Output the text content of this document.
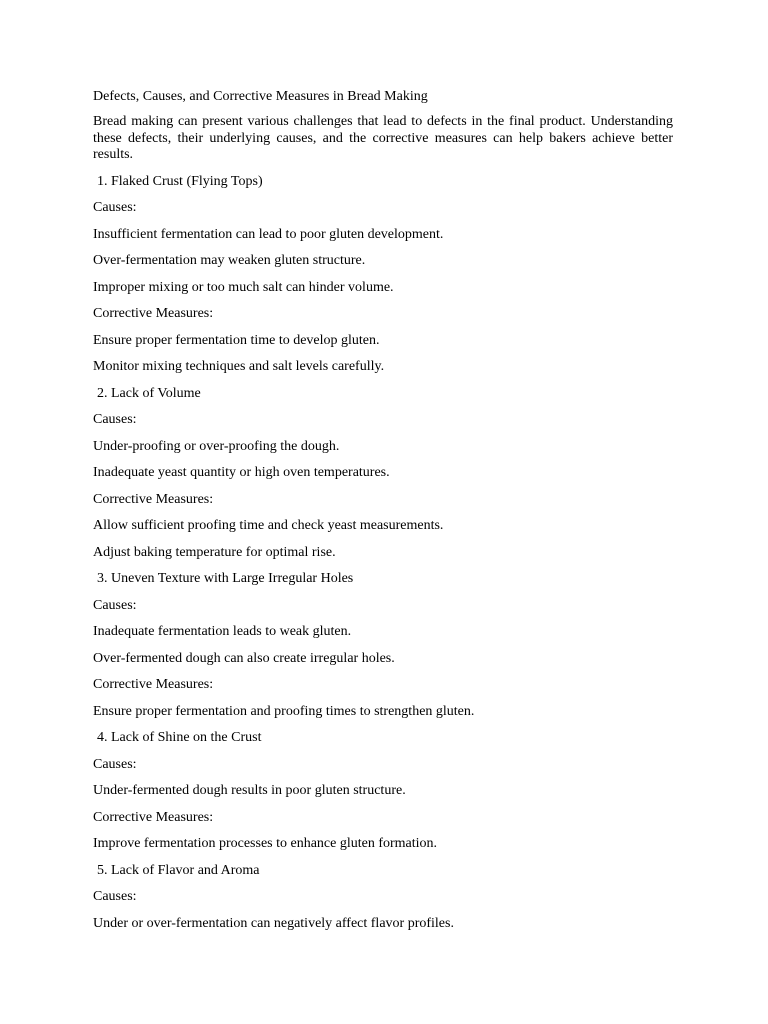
Defects, Causes, and Corrective Measures in Bread Making
Bread making can present various challenges that lead to defects in the final product. Understanding these defects, their underlying causes, and the corrective measures can help bakers achieve better results.
1. Flaked Crust (Flying Tops)
Causes:
Insufficient fermentation can lead to poor gluten development.
Over-fermentation may weaken gluten structure.
Improper mixing or too much salt can hinder volume.
Corrective Measures:
Ensure proper fermentation time to develop gluten.
Monitor mixing techniques and salt levels carefully.
2. Lack of Volume
Causes:
Under-proofing or over-proofing the dough.
Inadequate yeast quantity or high oven temperatures.
Corrective Measures:
Allow sufficient proofing time and check yeast measurements.
Adjust baking temperature for optimal rise.
3. Uneven Texture with Large Irregular Holes
Causes:
Inadequate fermentation leads to weak gluten.
Over-fermented dough can also create irregular holes.
Corrective Measures:
Ensure proper fermentation and proofing times to strengthen gluten.
4. Lack of Shine on the Crust
Causes:
Under-fermented dough results in poor gluten structure.
Corrective Measures:
Improve fermentation processes to enhance gluten formation.
5. Lack of Flavor and Aroma
Causes:
Under or over-fermentation can negatively affect flavor profiles.
